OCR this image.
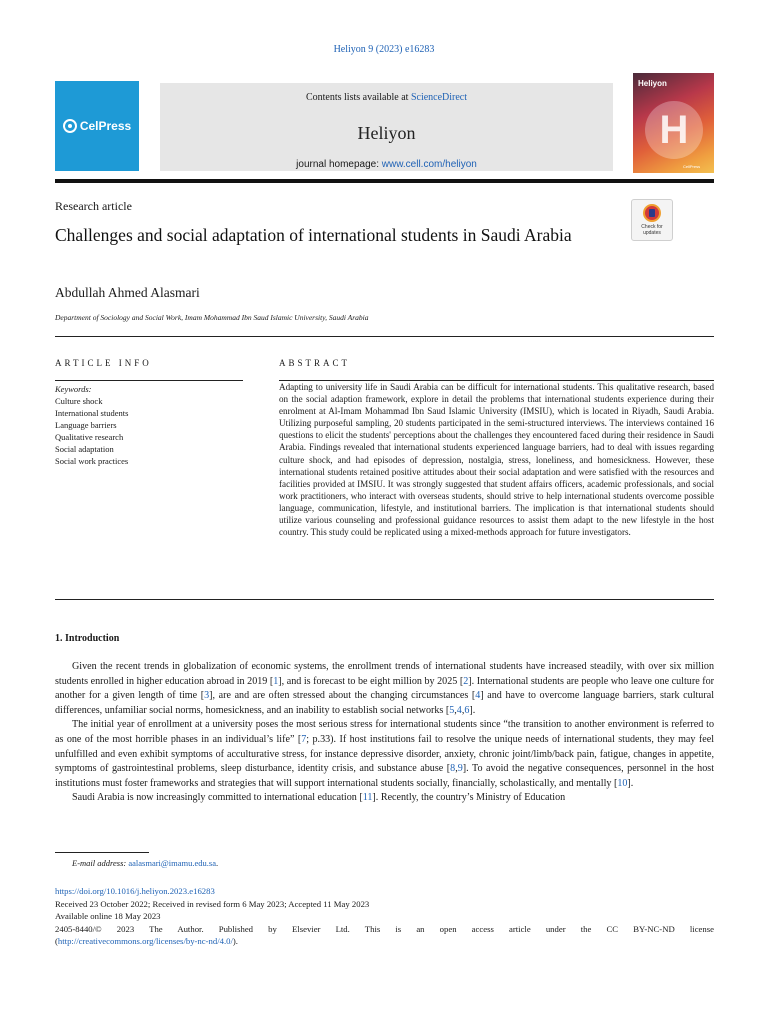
Heliyon 9 (2023) e16283
CelPress
Contents lists available at ScienceDirect
Heliyon
journal homepage: www.cell.com/heliyon
Heliyon
H
CellPress
Research article
Challenges and social adaptation of international students in Saudi Arabia	Check for updates
Abdullah Ahmed Alasmari
Department of Sociology and Social Work, Imam Mohammad Ibn Saud Islamic University, Saudi Arabia
ARTICLE INFO	ABSTRACT
Keywords:
Culture shock
International students
Language barriers
Qualitative research
Social adaptation
Social work practices
Adapting to university life in Saudi Arabia can be difficult for international students. This qualitative research, based on the social adaption framework, explore in detail the problems that international students experience during their enrolment at Al-Imam Mohammad Ibn Saud Islamic University (IMSIU), which is located in Riyadh, Saudi Arabia. Utilizing purposeful sampling, 20 students participated in the semi-structured interviews. The interviews contained 16 questions to elicit the students' perceptions about the challenges they encountered faced during their residence in Saudi Arabia. Findings revealed that international students experienced language barriers, had to deal with issues regarding culture shock, and had episodes of depression, nostalgia, stress, loneliness, and homesickness. However, these international students retained positive attitudes about their social adaptation and were satisfied with the resources and facilities provided at IMSIU. It was strongly suggested that student affairs officers, academic professionals, and social work practitioners, who interact with overseas students, should strive to help international students overcome possible language, communication, lifestyle, and institutional barriers. The implication is that international students should utilize various counseling and professional guidance resources to assist them adapt to the new lifestyle in the host country. This study could be replicated using a mixed-methods approach for future investigators.
1. Introduction

Given the recent trends in globalization of economic systems, the enrollment trends of international students have increased steadily, with over six million students enrolled in higher education abroad in 2019 [1], and is forecast to be eight million by 2025 [2]. International students are people who leave one culture for another for a given length of time [3], are and are often stressed about the changing circumstances [4] and have to overcome language barriers, stark cultural differences, unfamiliar social norms, homesickness, and an inability to establish social networks [5,4,6].

The initial year of enrollment at a university poses the most serious stress for international students since “the transition to another environment is referred to as one of the most horrible phases in an individual’s life” [7; p.33). If host institutions fail to resolve the unique needs of international students, they may feel unfulfilled and even exhibit symptoms of acculturative stress, for instance depressive disorder, anxiety, chronic joint/limb/back pain, fatigue, changes in appetite, symptoms of gastrointestinal problems, sleep disturbance, identity crisis, and substance abuse [8,9]. To avoid the negative consequences, personnel in the host institutions must foster frameworks and strategies that will support international students socially, financially, scholastically, and mentally [10].

Saudi Arabia is now increasingly committed to international education [11]. Recently, the country’s Ministry of Education

E-mail address: aalasmari@imamu.edu.sa.
https://doi.org/10.1016/j.heliyon.2023.e16283
Received 23 October 2022; Received in revised form 6 May 2023; Accepted 11 May 2023
Available online 18 May 2023
2405-8440/© 2023 The Author. Published by Elsevier Ltd. This is an open access article under the CC BY-NC-ND license
(http://creativecommons.org/licenses/by-nc-nd/4.0/).
